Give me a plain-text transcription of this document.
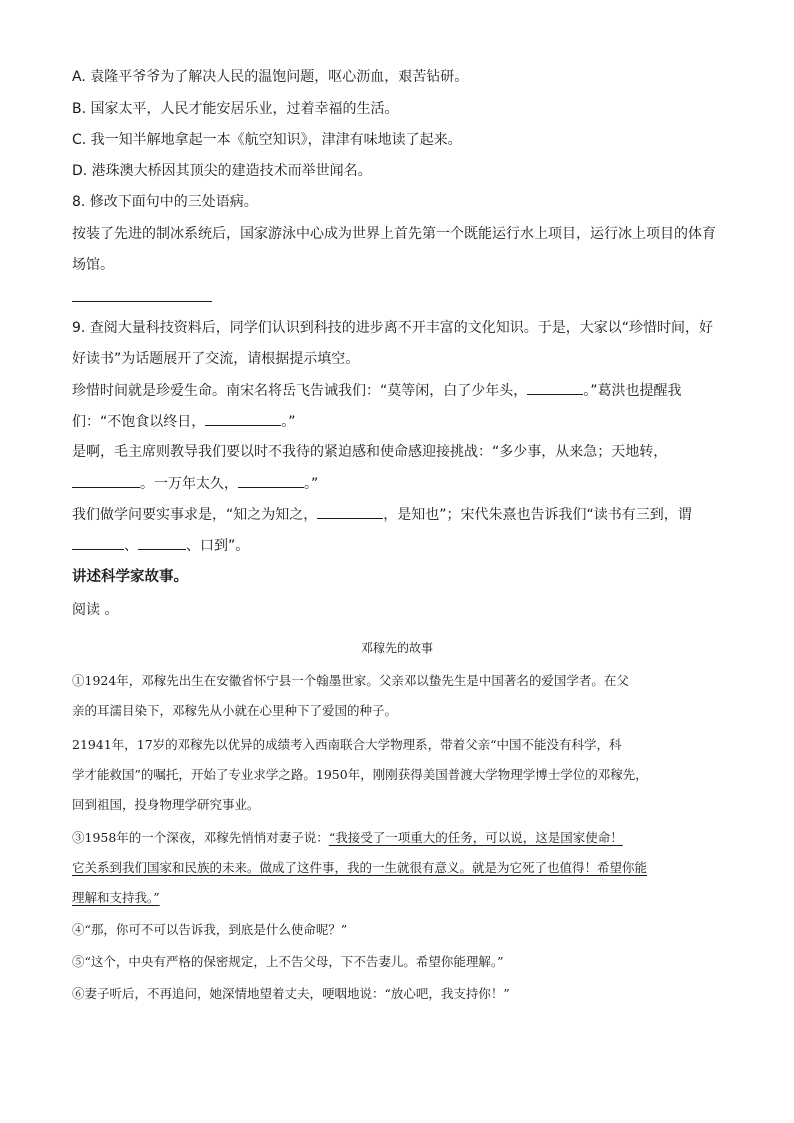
A. 袁隆平爷爷为了解决人民的温饱问题，呕心沥血，艰苦钻研。
B. 国家太平，人民才能安居乐业，过着幸福的生活。
C. 我一知半解地拿起一本《航空知识》，津津有味地读了起来。
D. 港珠澳大桥因其顶尖的建造技术而举世闻名。
8. 修改下面句中的三处语病。
按装了先进的制冰系统后，国家游泳中心成为世界上首先第一个既能运行水上项目，运行冰上项目的体育
场馆。
9. 查阅大量科技资料后，同学们认识到科技的进步离不开丰富的文化知识。于是，大家以“珍惜时间，好
好读书”为话题展开了交流，请根据提示填空。
珍惜时间就是珍爱生命。南宋名将岳飞告诫我们：“莫等闲，白了少年头，	。”葛洪也提醒我
们：“不饱食以终日，	。”
是啊，毛主席则教导我们要以时不我待的紧迫感和使命感迎接挑战：“多少事，从来急；天地转，
。一万年太久，	。”
我们做学问要实事求是，“知之为知之，	，是知也”；宋代朱熹也告诉我们“读书有三到，谓
、	、口到”。
讲述科学家故事。
阅读 。
邓稼先的故事
①1924年，邓稼先出生在安徽省怀宁县一个翰墨世家。父亲邓以蛰先生是中国著名的爱国学者。在父
亲的耳濡目染下，邓稼先从小就在心里种下了爱国的种子。
21941年，17岁的邓稼先以优异的成绩考入西南联合大学物理系，带着父亲“中国不能没有科学，科
学才能救国”的嘱托，开始了专业求学之路。1950年，刚刚获得美国普渡大学物理学博士学位的邓稼先，
回到祖国，投身物理学研究事业。
③1958年的一个深夜，邓稼先悄悄对妻子说：“我接受了一项重大的任务，可以说，这是国家使命！
它关系到我们国家和民族的未来。做成了这件事，我的一生就很有意义。就是为它死了也值得！希望你能
理解和支持我。”
④“那，你可不可以告诉我，到底是什么使命呢？”
⑤“这个，中央有严格的保密规定，上不告父母，下不告妻儿。希望你能理解。”
⑥妻子听后，不再追问，她深情地望着丈夫，哽咽地说：“放心吧，我支持你！”
